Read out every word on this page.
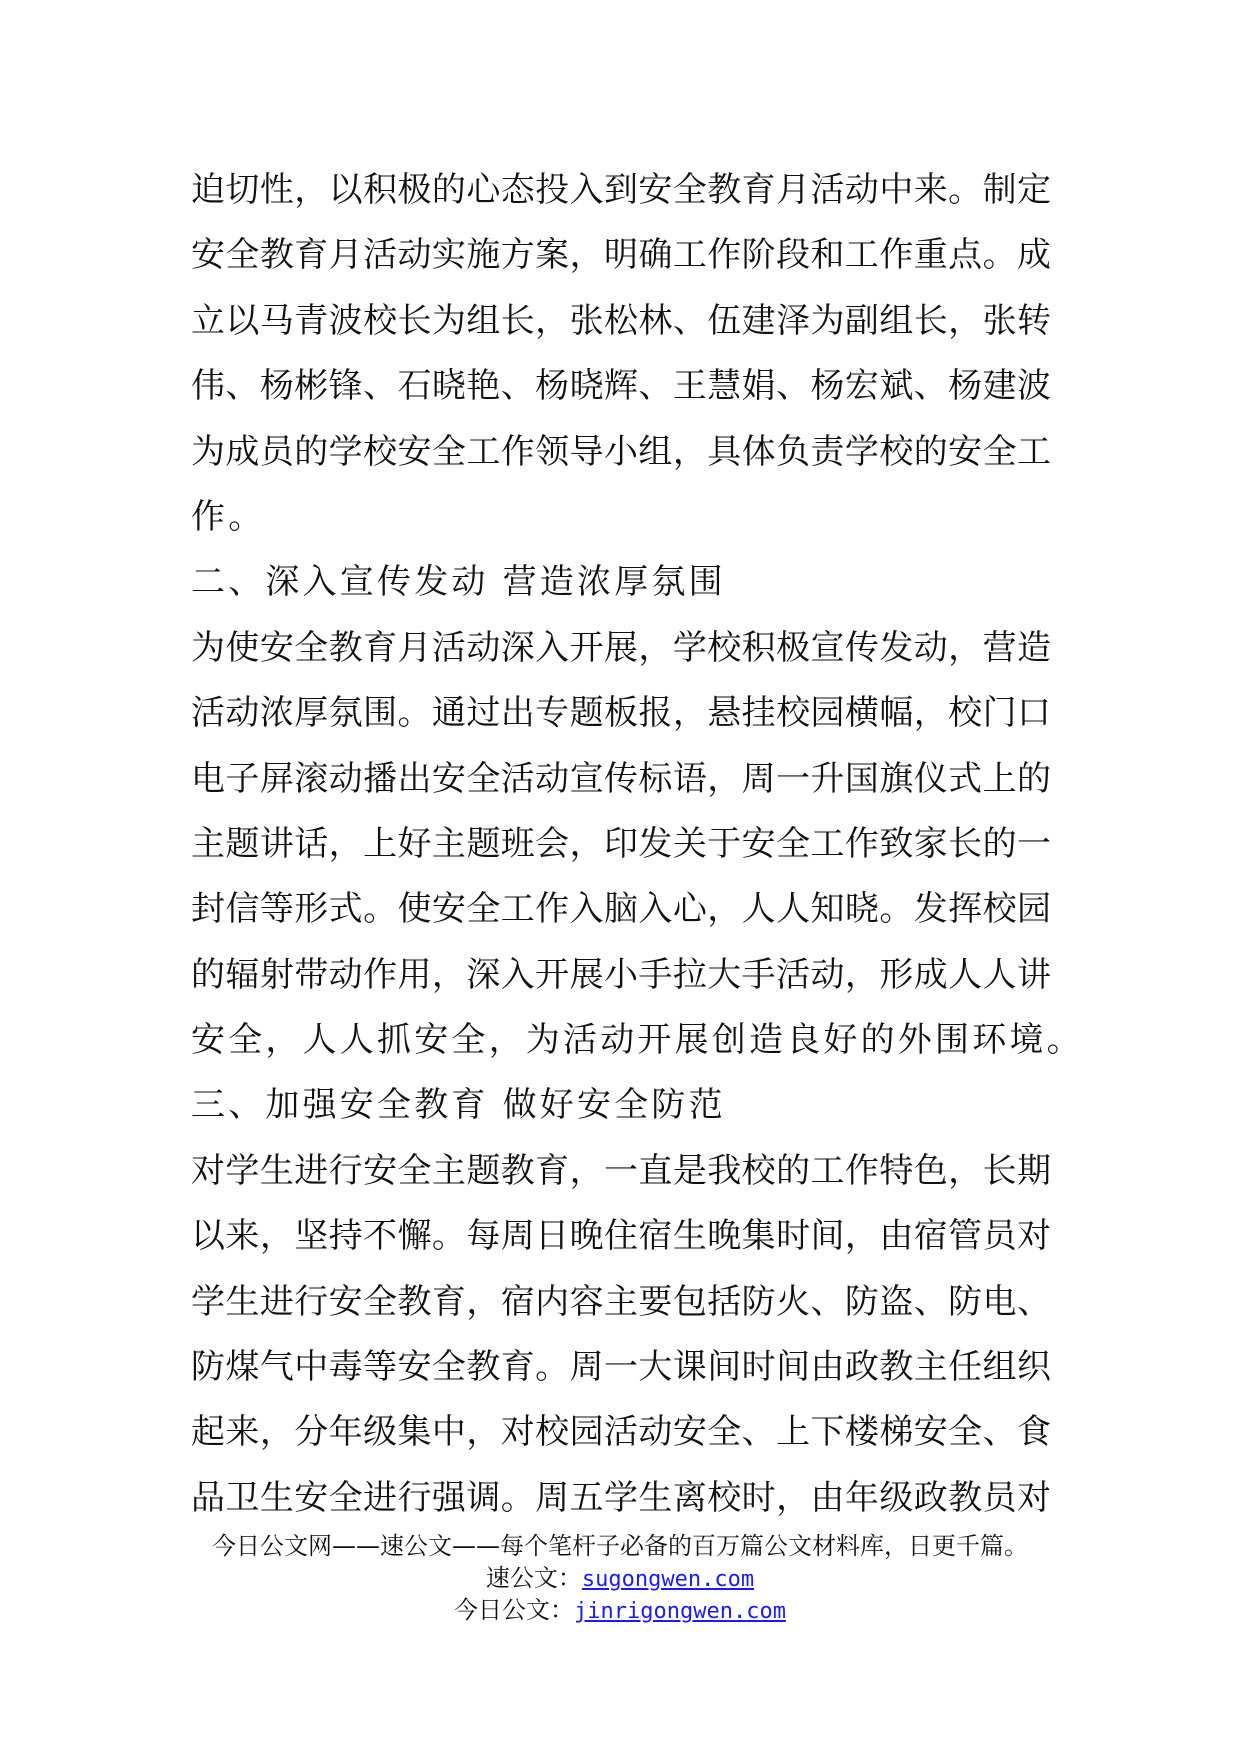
迫切性，以积极的心态投入到安全教育月活动中来。制定
安全教育月活动实施方案，明确工作阶段和工作重点。成
立以马青波校长为组长，张松林、伍建泽为副组长，张转
伟、杨彬锋、石晓艳、杨晓辉、王慧娟、杨宏斌、杨建波
为成员的学校安全工作领导小组，具体负责学校的安全工
作。
二、深入宣传发动 营造浓厚氛围
为使安全教育月活动深入开展，学校积极宣传发动，营造
活动浓厚氛围。通过出专题板报，悬挂校园横幅，校门口
电子屏滚动播出安全活动宣传标语，周一升国旗仪式上的
主题讲话，上好主题班会，印发关于安全工作致家长的一
封信等形式。使安全工作入脑入心，人人知晓。发挥校园
的辐射带动作用，深入开展小手拉大手活动，形成人人讲
安全，人人抓安全，为活动开展创造良好的外围环境。
三、加强安全教育 做好安全防范
对学生进行安全主题教育，一直是我校的工作特色，长期
以来，坚持不懈。每周日晚住宿生晚集时间，由宿管员对
学生进行安全教育，宿内容主要包括防火、防盗、防电、
防煤气中毒等安全教育。周一大课间时间由政教主任组织
起来，分年级集中，对校园活动安全、上下楼梯安全、食
品卫生安全进行强调。周五学生离校时，由年级政教员对
今日公文网——速公文——每个笔杆子必备的百万篇公文材料库，日更千篇。
速公文：sugongwen.com
今日公文：jinrigongwen.com
